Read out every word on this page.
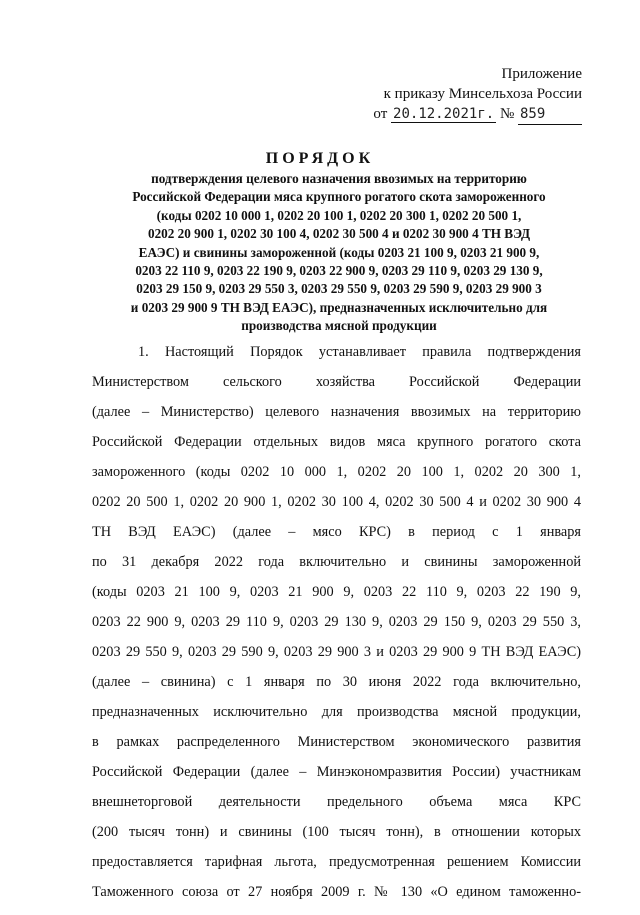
Приложение
к приказу Минсельхоза России
от 20.12.2021г. № 859
ПОРЯДОК
подтверждения целевого назначения ввозимых на территорию
Российской Федерации мяса крупного рогатого скота замороженного
(коды 0202 10 000 1, 0202 20 100 1, 0202 20 300 1, 0202 20 500 1,
0202 20 900 1, 0202 30 100 4, 0202 30 500 4 и 0202 30 900 4 ТН ВЭД
ЕАЭС) и свинины замороженной (коды 0203 21 100 9, 0203 21 900 9,
0203 22 110 9, 0203 22 190 9, 0203 22 900 9, 0203 29 110 9, 0203 29 130 9,
0203 29 150 9, 0203 29 550 3, 0203 29 550 9, 0203 29 590 9, 0203 29 900 3
и 0203 29 900 9 ТН ВЭД ЕАЭС), предназначенных исключительно для
производства мясной продукции
1. Настоящий Порядок устанавливает правила подтверждения
Министерством сельского хозяйства Российской Федерации
(далее – Министерство) целевого назначения ввозимых на территорию
Российской Федерации отдельных видов мяса крупного рогатого скота
замороженного (коды 0202 10 000 1, 0202 20 100 1, 0202 20 300 1,
0202 20 500 1, 0202 20 900 1, 0202 30 100 4, 0202 30 500 4 и 0202 30 900 4
ТН ВЭД ЕАЭС) (далее – мясо КРС) в период с 1 января
по 31 декабря 2022 года включительно и свинины замороженной
(коды 0203 21 100 9, 0203 21 900 9, 0203 22 110 9, 0203 22 190 9,
0203 22 900 9, 0203 29 110 9, 0203 29 130 9, 0203 29 150 9, 0203 29 550 3,
0203 29 550 9, 0203 29 590 9, 0203 29 900 3 и 0203 29 900 9 ТН ВЭД ЕАЭС)
(далее – свинина) с 1 января по 30 июня 2022 года включительно,
предназначенных исключительно для производства мясной продукции,
в рамках распределенного Министерством экономического развития
Российской Федерации (далее – Минэкономразвития России) участникам
внешнеторговой деятельности предельного объема мяса КРС
(200 тысяч тонн) и свинины (100 тысяч тонн), в отношении которых
предоставляется тарифная льгота, предусмотренная решением Комиссии
Таможенного союза от 27 ноября 2009 г. № 130 «О едином таможенно-
